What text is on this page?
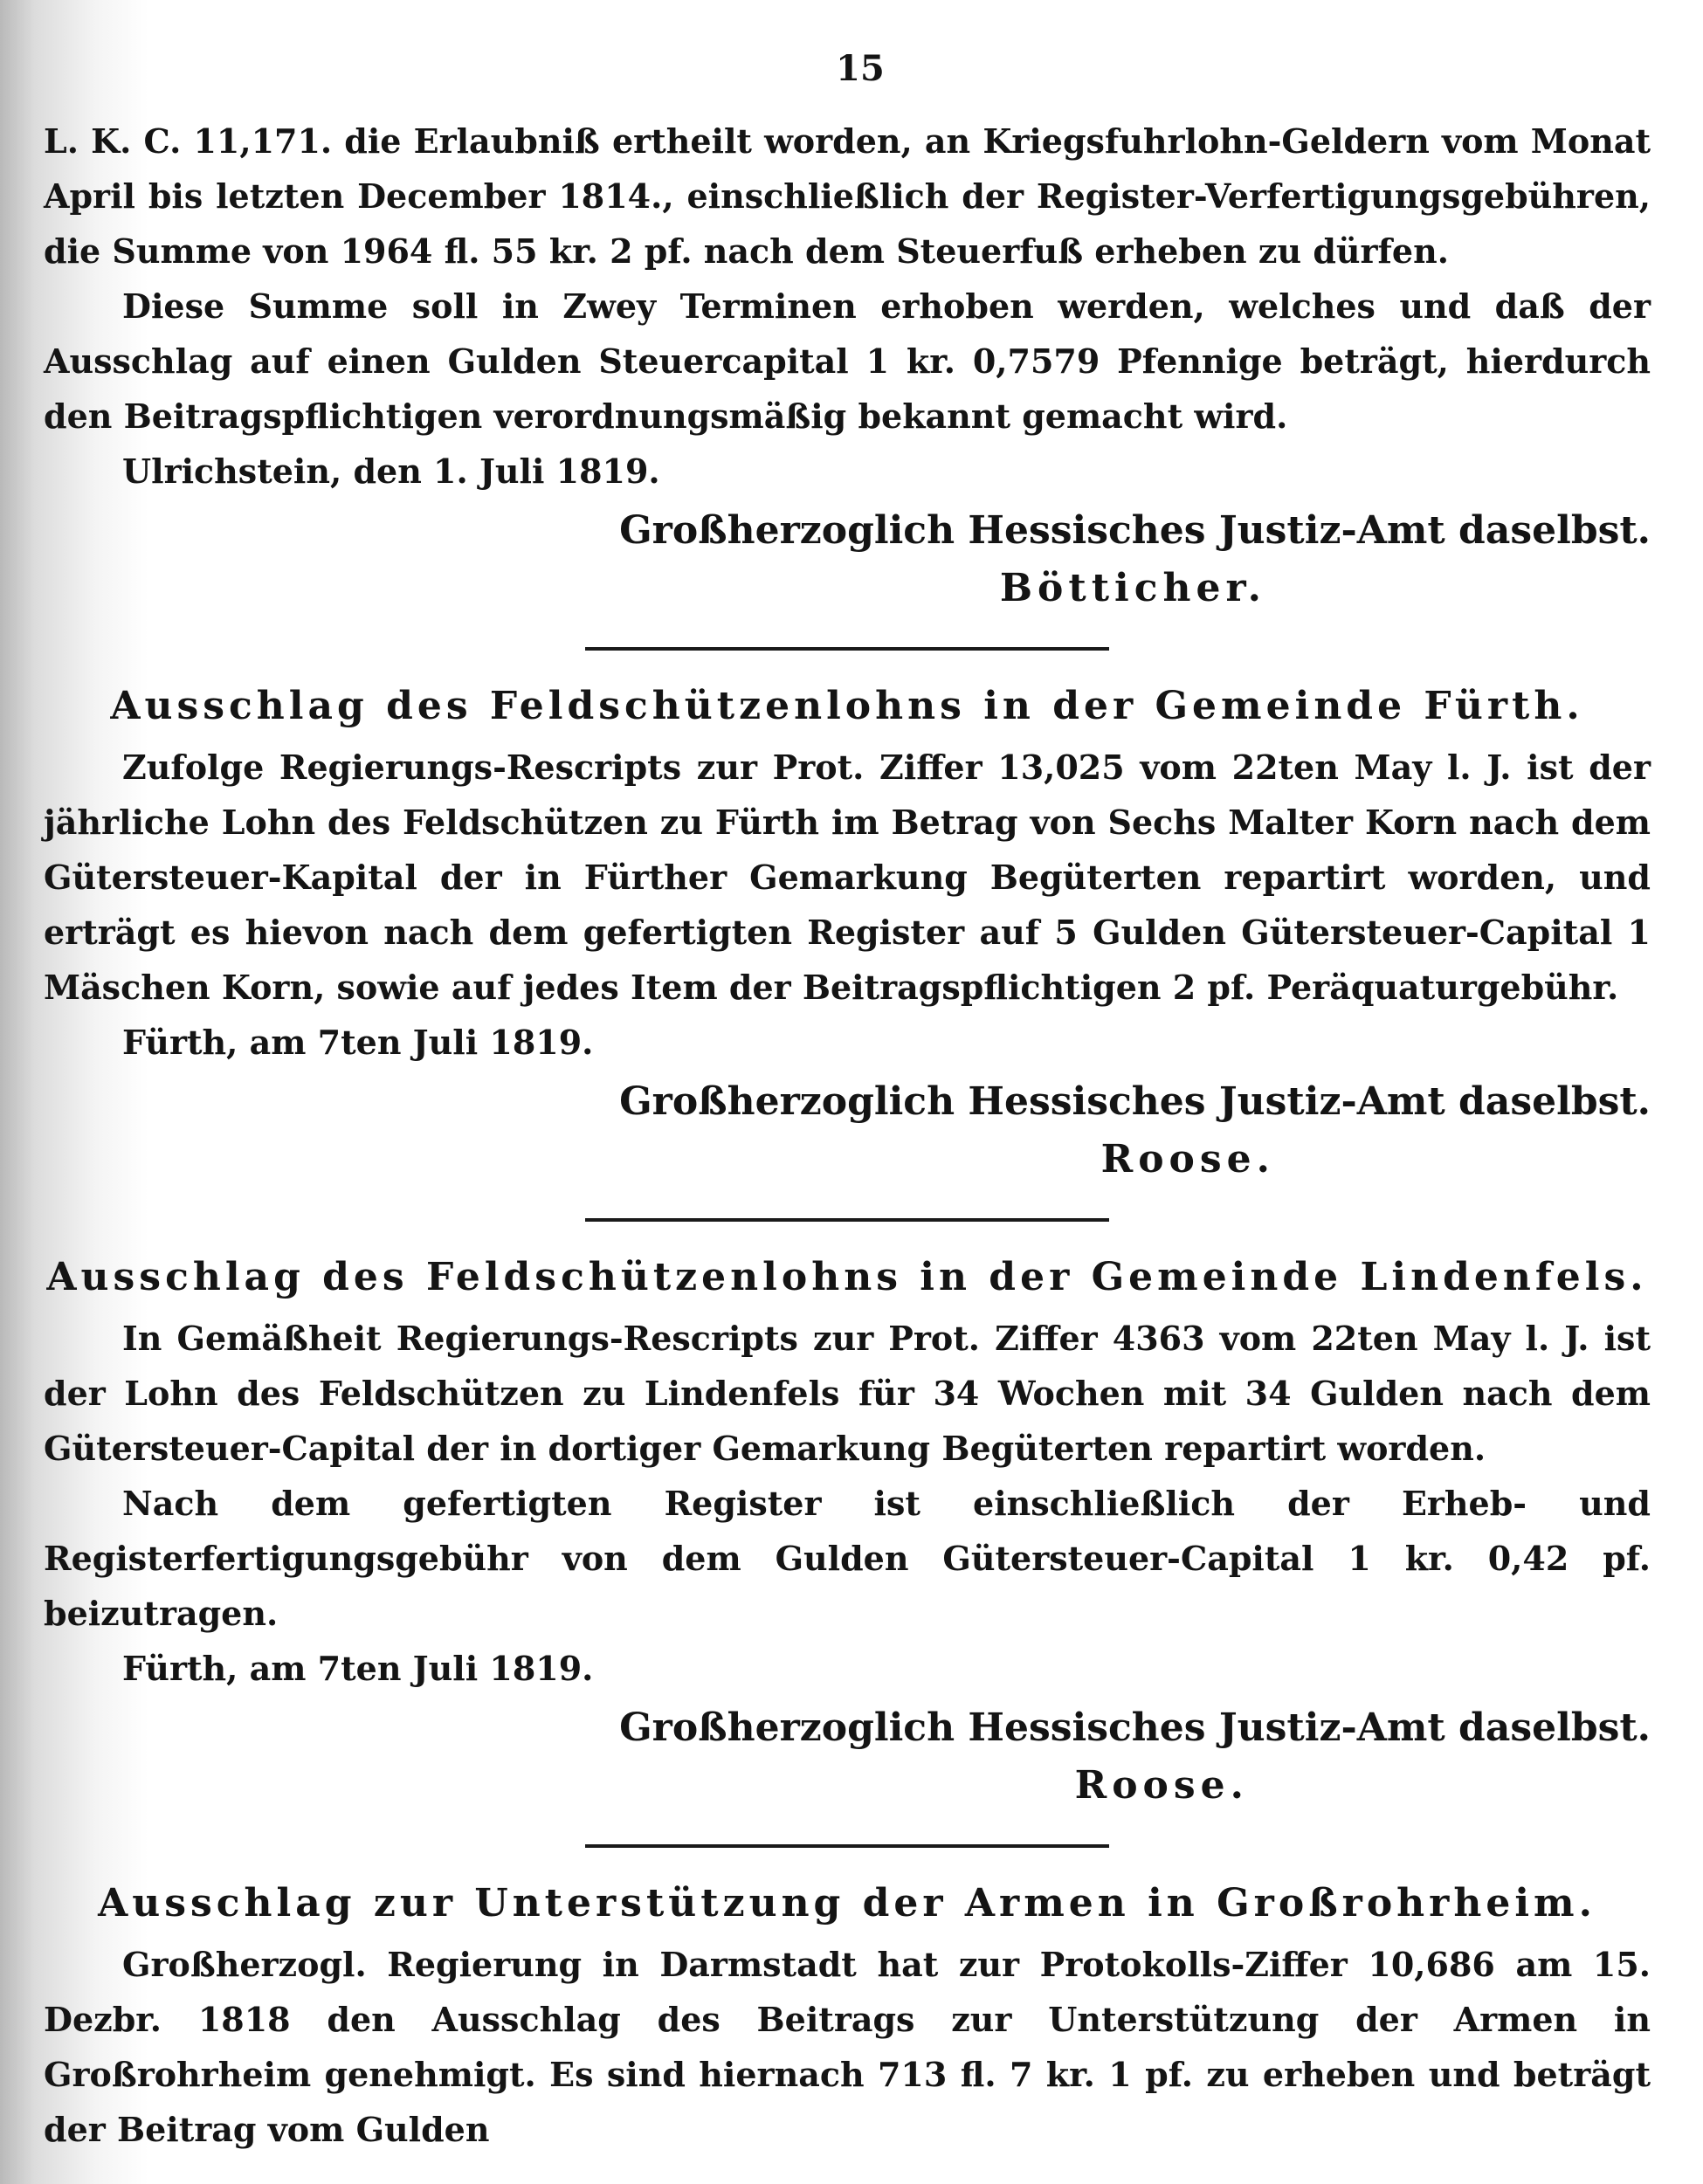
15

L. K. C. 11,171. die Erlaubniß ertheilt worden, an Kriegsfuhrlohn-Geldern vom Monat April bis letzten December 1814., einschließlich der Register-Verfertigungsgebühren, die Summe von 1964 fl. 55 kr. 2 pf. nach dem Steuerfuß erheben zu dürfen.

Diese Summe soll in Zwey Terminen erhoben werden, welches und daß der Ausschlag auf einen Gulden Steuercapital 1 kr. 0,7579 Pfennige beträgt, hierdurch den Beitragspflichtigen verordnungsmäßig bekannt gemacht wird.

Ulrichstein, den 1. Juli 1819.

Großherzoglich Hessisches Justiz-Amt daselbst.
Bötticher.
Ausschlag des Feldschützenlohns in der Gemeinde Fürth.

Zufolge Regierungs-Rescripts zur Prot. Ziffer 13,025 vom 22ten May l. J. ist der jährliche Lohn des Feldschützen zu Fürth im Betrag von Sechs Malter Korn nach dem Gütersteuer-Kapital der in Fürther Gemarkung Begüterten repartirt worden, und erträgt es hievon nach dem gefertigten Register auf 5 Gulden Gütersteuer-Capital 1 Mäschen Korn, sowie auf jedes Item der Beitragspflichtigen 2 pf. Peräquaturgebühr.

Fürth, am 7ten Juli 1819.

Großherzoglich Hessisches Justiz-Amt daselbst.
Roose.
Ausschlag des Feldschützenlohns in der Gemeinde Lindenfels.

In Gemäßheit Regierungs-Rescripts zur Prot. Ziffer 4363 vom 22ten May l. J. ist der Lohn des Feldschützen zu Lindenfels für 34 Wochen mit 34 Gulden nach dem Gütersteuer-Capital der in dortiger Gemarkung Begüterten repartirt worden.

Nach dem gefertigten Register ist einschließlich der Erheb- und Registerfertigungsgebühr von dem Gulden Gütersteuer-Capital 1 kr. 0,42 pf. beizutragen.

Fürth, am 7ten Juli 1819.

Großherzoglich Hessisches Justiz-Amt daselbst.
Roose.
Ausschlag zur Unterstützung der Armen in Großrohrheim.

Großherzogl. Regierung in Darmstadt hat zur Protokolls-Ziffer 10,686 am 15. Dezbr. 1818 den Ausschlag des Beitrags zur Unterstützung der Armen in Großrohrheim genehmigt. Es sind hiernach 713 fl. 7 kr. 1 pf. zu erheben und beträgt der Beitrag vom Gulden
